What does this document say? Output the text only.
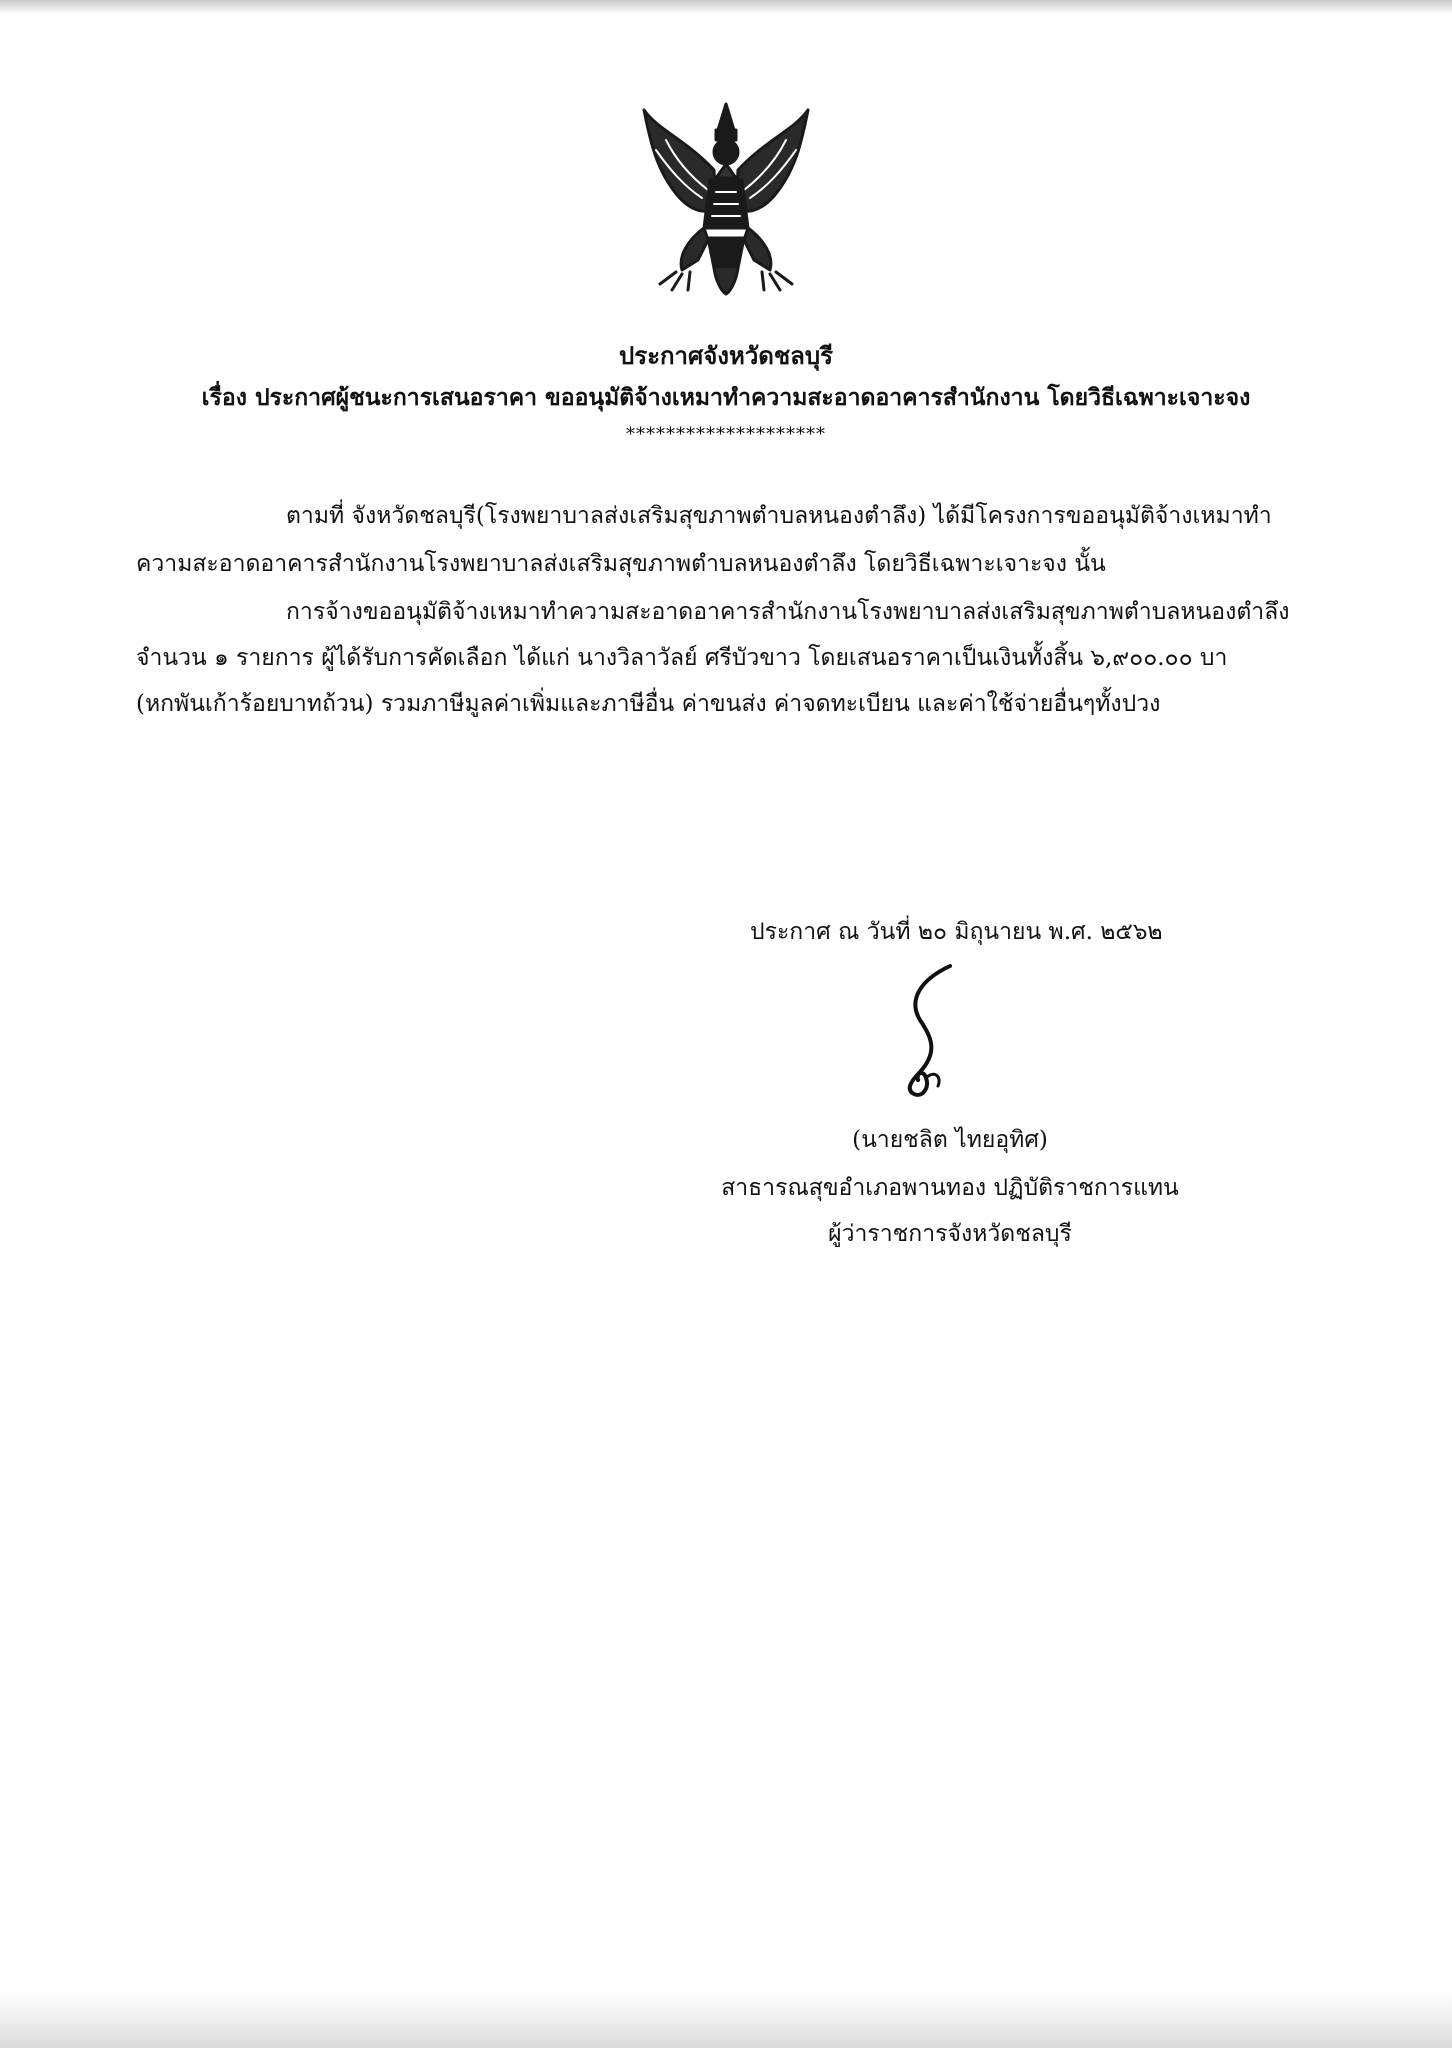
ประกาศจังหวัดชลบุรี
เรื่อง ประกาศผู้ชนะการเสนอราคา ขออนุมัติจ้างเหมาทำความสะอาดอาคารสำนักงาน โดยวิธีเฉพาะเจาะจง
********************
ตามที่ จังหวัดชลบุรี(โรงพยาบาลส่งเสริมสุขภาพตำบลหนองตำลึง) ได้มีโครงการขออนุมัติจ้างเหมาทำ
ความสะอาดอาคารสำนักงานโรงพยาบาลส่งเสริมสุขภาพตำบลหนองตำลึง โดยวิธีเฉพาะเจาะจง นั้น
การจ้างขออนุมัติจ้างเหมาทำความสะอาดอาคารสำนักงานโรงพยาบาลส่งเสริมสุขภาพตำบลหนองตำลึง
จำนวน ๑ รายการ ผู้ได้รับการคัดเลือก ได้แก่ นางวิลาวัลย์ ศรีบัวขาว โดยเสนอราคาเป็นเงินทั้งสิ้น ๖,๙๐๐.๐๐ บา
(หกพันเก้าร้อยบาทถ้วน) รวมภาษีมูลค่าเพิ่มและภาษีอื่น ค่าขนส่ง ค่าจดทะเบียน และค่าใช้จ่ายอื่นๆทั้งปวง
ประกาศ ณ วันที่ ๒๐ มิถุนายน พ.ศ. ๒๕๖๒
(นายชลิต ไทยอุทิศ)
สาธารณสุขอำเภอพานทอง ปฏิบัติราชการแทน
ผู้ว่าราชการจังหวัดชลบุรี
